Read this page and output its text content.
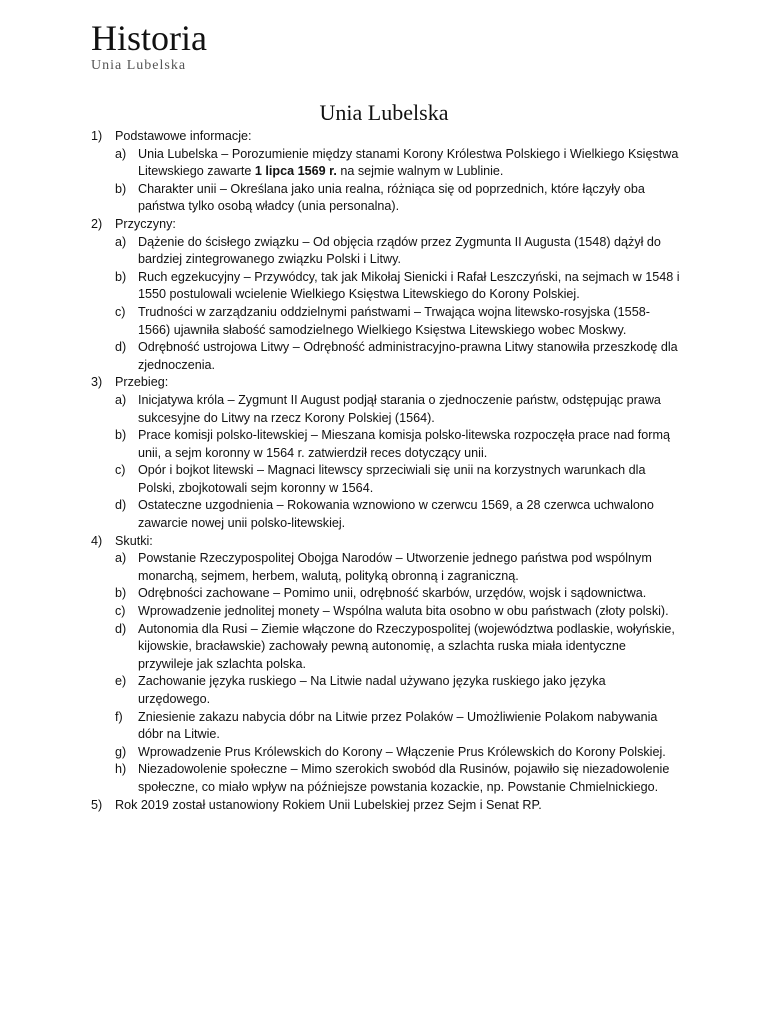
Historia
Unia Lubelska
Unia Lubelska
1)	Podstawowe informacje:
a) Unia Lubelska – Porozumienie między stanami Korony Królestwa Polskiego i Wielkiego Księstwa Litewskiego zawarte 1 lipca 1569 r. na sejmie walnym w Lublinie.
b) Charakter unii – Określana jako unia realna, różniąca się od poprzednich, które łączyły oba państwa tylko osobą władcy (unia personalna).
2)	Przyczyny:
a) Dążenie do ścisłego związku – Od objęcia rządów przez Zygmunta II Augusta (1548) dążył do bardziej zintegrowanego związku Polski i Litwy.
b) Ruch egzekucyjny – Przywódcy, tak jak Mikołaj Sienicki i Rafał Leszczyński, na sejmach w 1548 i 1550 postulowali wcielenie Wielkiego Księstwa Litewskiego do Korony Polskiej.
c) Trudności w zarządzaniu oddzielnymi państwami – Trwająca wojna litewsko-rosyjska (1558-1566) ujawniła słabość samodzielnego Wielkiego Księstwa Litewskiego wobec Moskwy.
d) Odrębność ustrojowa Litwy – Odrębność administracyjno-prawna Litwy stanowiła przeszkodę dla zjednoczenia.
3)	Przebieg:
a) Inicjatywa króla – Zygmunt II August podjął starania o zjednoczenie państw, odstępując prawa sukcesyjne do Litwy na rzecz Korony Polskiej (1564).
b) Prace komisji polsko-litewskiej – Mieszana komisja polsko-litewska rozpoczęła prace nad formą unii, a sejm koronny w 1564 r. zatwierdził reces dotyczący unii.
c) Opór i bojkot litewski – Magnaci litewscy sprzeciwiali się unii na korzystnych warunkach dla Polski, zbojkotowali sejm koronny w 1564.
d) Ostateczne uzgodnienia – Rokowania wznowiono w czerwcu 1569, a 28 czerwca uchwalono zawarcie nowej unii polsko-litewskiej.
4)	Skutki:
a) Powstanie Rzeczypospolitej Obojga Narodów – Utworzenie jednego państwa pod wspólnym monarchą, sejmem, herbem, walutą, polityką obronną i zagraniczną.
b) Odrębności zachowane – Pomimo unii, odrębność skarbów, urzędów, wojsk i sądownictwa.
c) Wprowadzenie jednolitej monety – Wspólna waluta bita osobno w obu państwach (złoty polski).
d) Autonomia dla Rusi – Ziemie włączone do Rzeczypospolitej (województwa podlaskie, wołyńskie, kijowskie, bracławskie) zachowały pewną autonomię, a szlachta ruska miała identyczne przywileje jak szlachta polska.
e) Zachowanie języka ruskiego – Na Litwie nadal używano języka ruskiego jako języka urzędowego.
f)	Zniesienie zakazu nabycia dóbr na Litwie przez Polaków – Umożliwienie Polakom nabywania dóbr na Litwie.
g) Wprowadzenie Prus Królewskich do Korony – Włączenie Prus Królewskich do Korony Polskiej.
h) Niezadowolenie społeczne – Mimo szerokich swobód dla Rusinów, pojawiło się niezadowolenie społeczne, co miało wpływ na późniejsze powstania kozackie, np. Powstanie Chmielnickiego.
5)	Rok 2019 został ustanowiony Rokiem Unii Lubelskiej przez Sejm i Senat RP.
